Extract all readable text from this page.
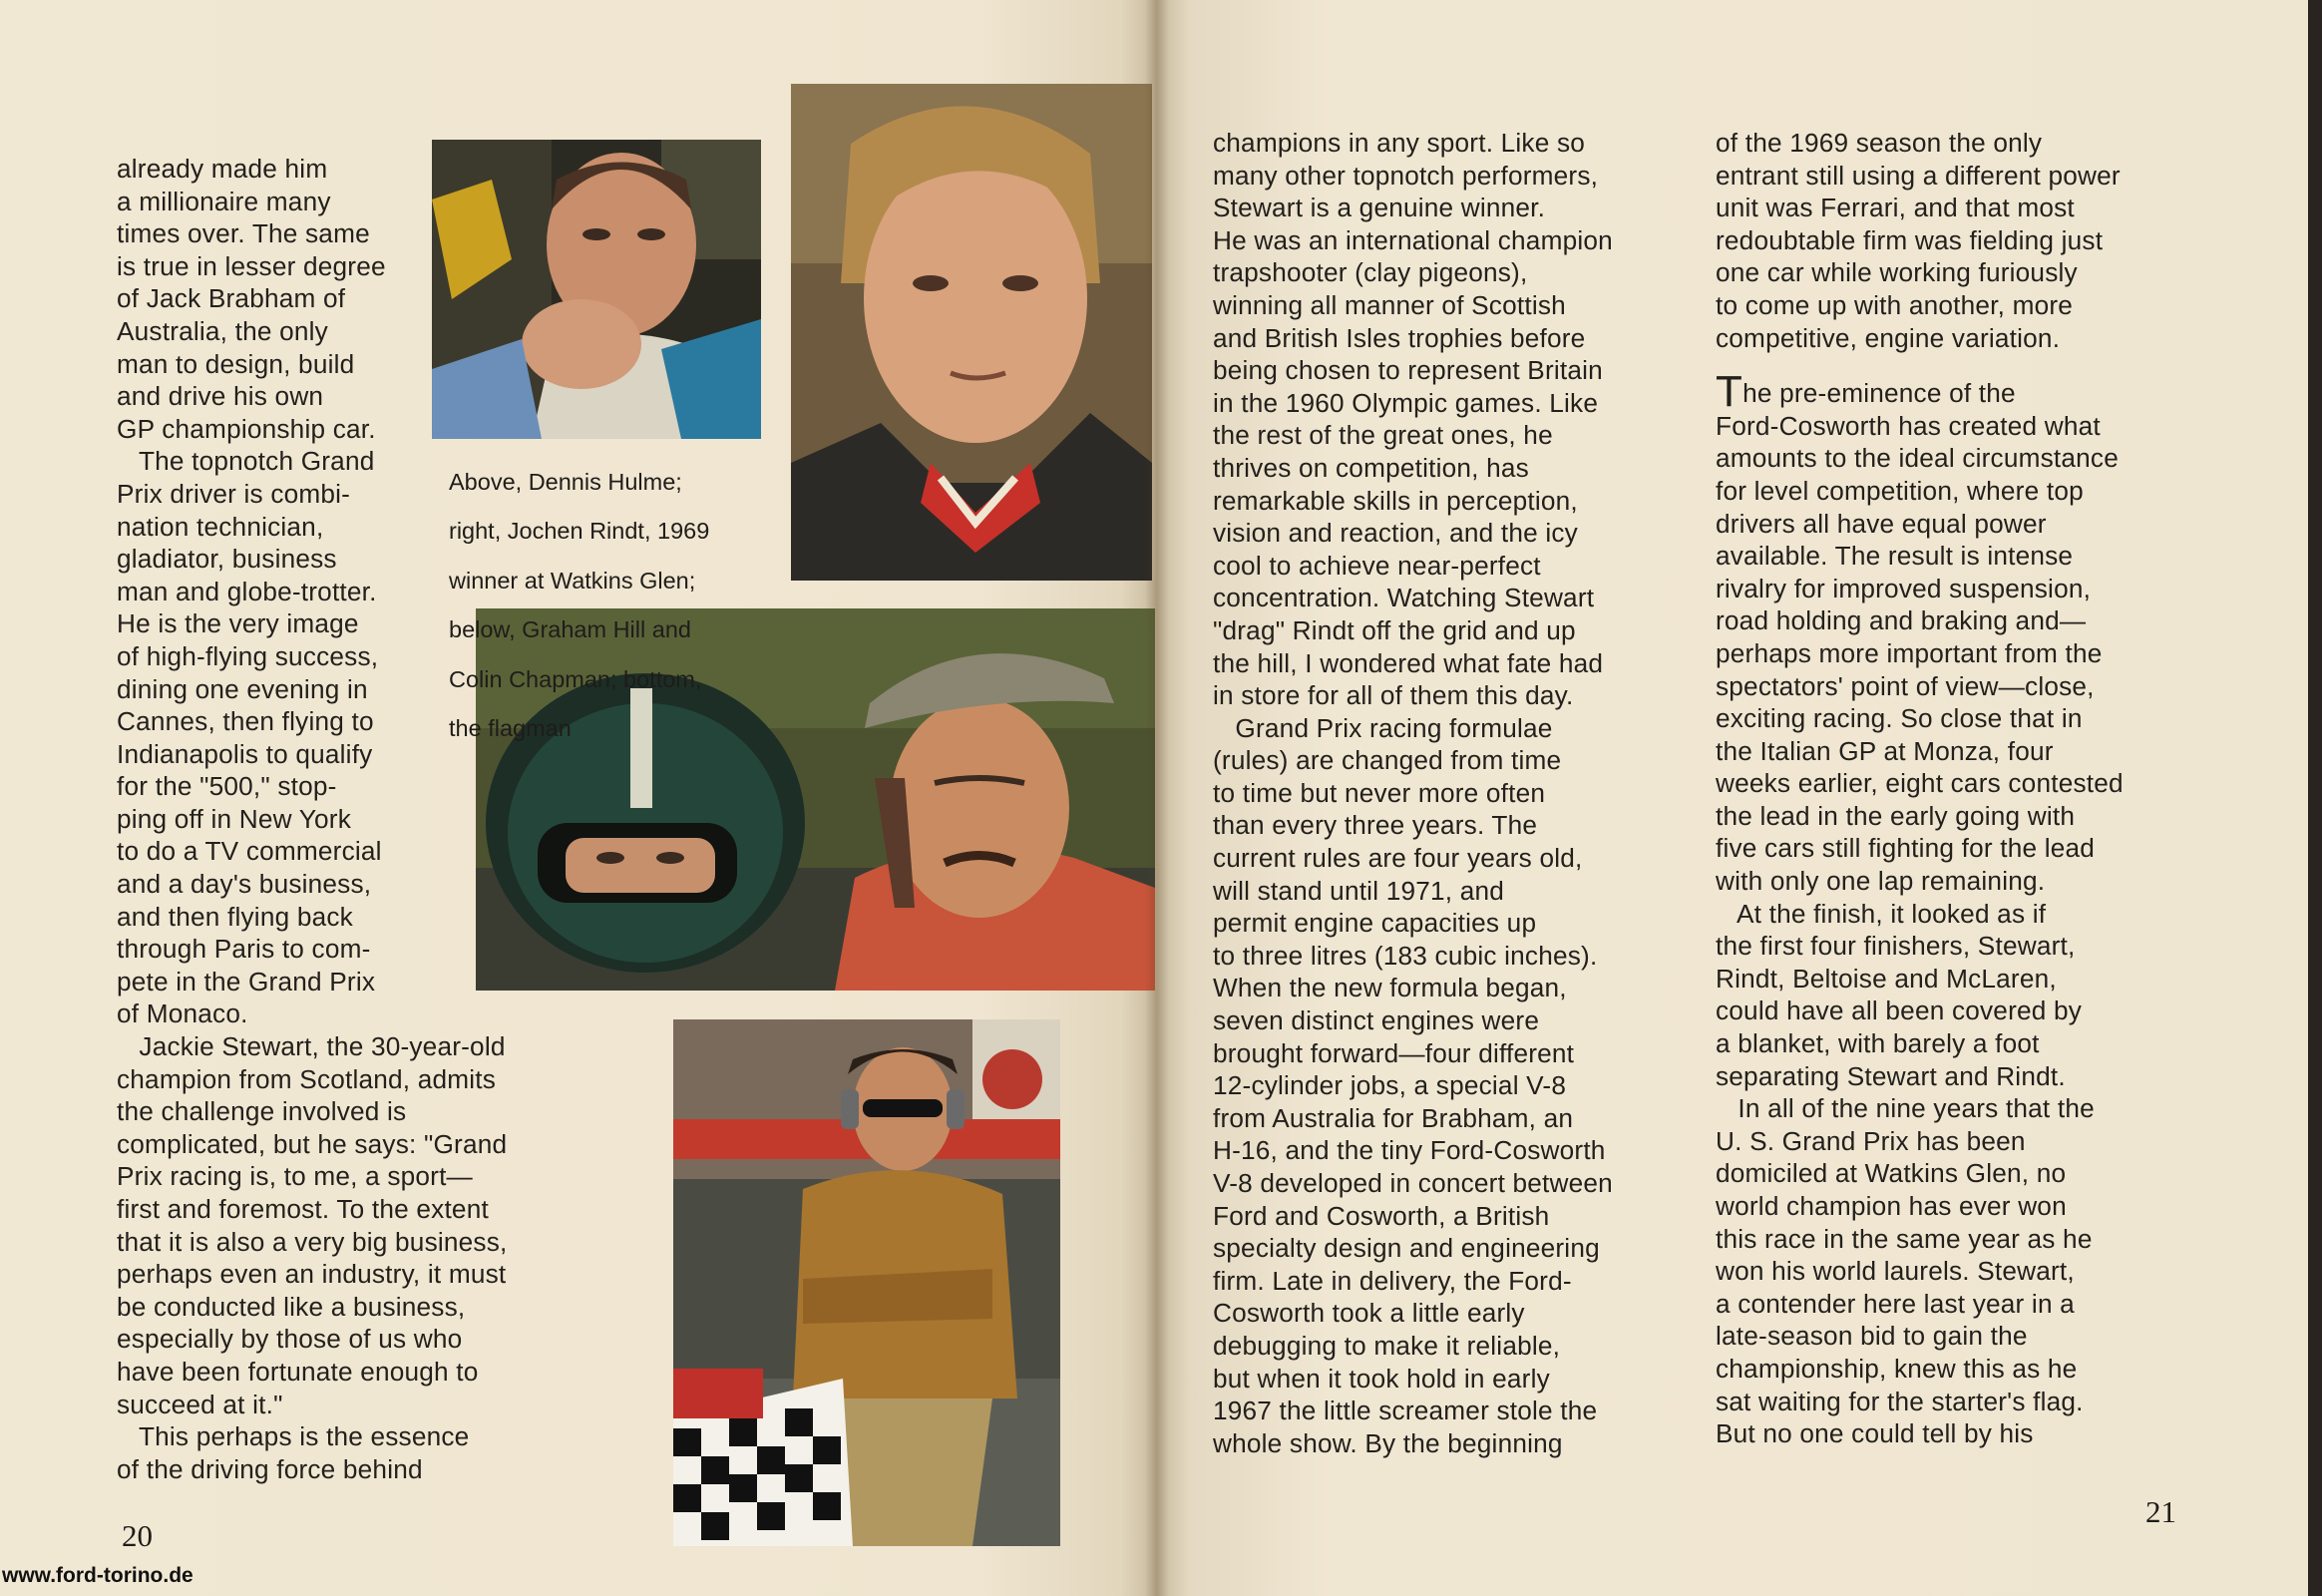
already made him

a millionaire many

times over. The same

is true in lesser degree

of Jack Brabham of

Australia, the only

man to design, build

and drive his own

GP championship car.

The topnotch Grand

Prix driver is combi-

nation technician,

gladiator, business

man and globe-trotter.

He is the very image

of high-flying success,

dining one evening in

Cannes, then flying to

Indianapolis to qualify

for the "500," stop-

ping off in New York

to do a TV commercial

and a day's business,

and then flying back

through Paris to com-

pete in the Grand Prix

of Monaco.

Jackie Stewart, the 30-year-old

champion from Scotland, admits

the challenge involved is

complicated, but he says: "Grand

Prix racing is, to me, a sport—

first and foremost. To the extent

that it is also a very big business,

perhaps even an industry, it must

be conducted like a business,

especially by those of us who

have been fortunate enough to

succeed at it."

This perhaps is the essence

of the driving force behind

Above, Dennis Hulme;

right, Jochen Rindt, 1969

winner at Watkins Glen;

below, Graham Hill and

Colin Chapman; bottom,

the flagman

20
www.ford-torino.de

champions in any sport. Like so

many other topnotch performers,

Stewart is a genuine winner.

He was an international champion

trapshooter (clay pigeons),

winning all manner of Scottish

and British Isles trophies before

being chosen to represent Britain

in the 1960 Olympic games. Like

the rest of the great ones, he

thrives on competition, has

remarkable skills in perception,

vision and reaction, and the icy

cool to achieve near-perfect

concentration. Watching Stewart

"drag" Rindt off the grid and up

the hill, I wondered what fate had

in store for all of them this day.

Grand Prix racing formulae

(rules) are changed from time

to time but never more often

than every three years. The

current rules are four years old,

will stand until 1971, and

permit engine capacities up

to three litres (183 cubic inches).

When the new formula began,

seven distinct engines were

brought forward—four different

12-cylinder jobs, a special V-8

from Australia for Brabham, an

H-16, and the tiny Ford-Cosworth

V-8 developed in concert between

Ford and Cosworth, a British

specialty design and engineering

firm. Late in delivery, the Ford-

Cosworth took a little early

debugging to make it reliable,

but when it took hold in early

1967 the little screamer stole the

whole show. By the beginning

of the 1969 season the only

entrant still using a different power

unit was Ferrari, and that most

redoubtable firm was fielding just

one car while working furiously

to come up with another, more

competitive, engine variation.

The pre-eminence of the

Ford-Cosworth has created what

amounts to the ideal circumstance

for level competition, where top

drivers all have equal power

available. The result is intense

rivalry for improved suspension,

road holding and braking and—

perhaps more important from the

spectators' point of view—close,

exciting racing. So close that in

the Italian GP at Monza, four

weeks earlier, eight cars contested

the lead in the early going with

five cars still fighting for the lead

with only one lap remaining.

At the finish, it looked as if

the first four finishers, Stewart,

Rindt, Beltoise and McLaren,

could have all been covered by

a blanket, with barely a foot

separating Stewart and Rindt.

In all of the nine years that the

U. S. Grand Prix has been

domiciled at Watkins Glen, no

world champion has ever won

this race in the same year as he

won his world laurels. Stewart,

a contender here last year in a

late-season bid to gain the

championship, knew this as he

sat waiting for the starter's flag.

But no one could tell by his

21
